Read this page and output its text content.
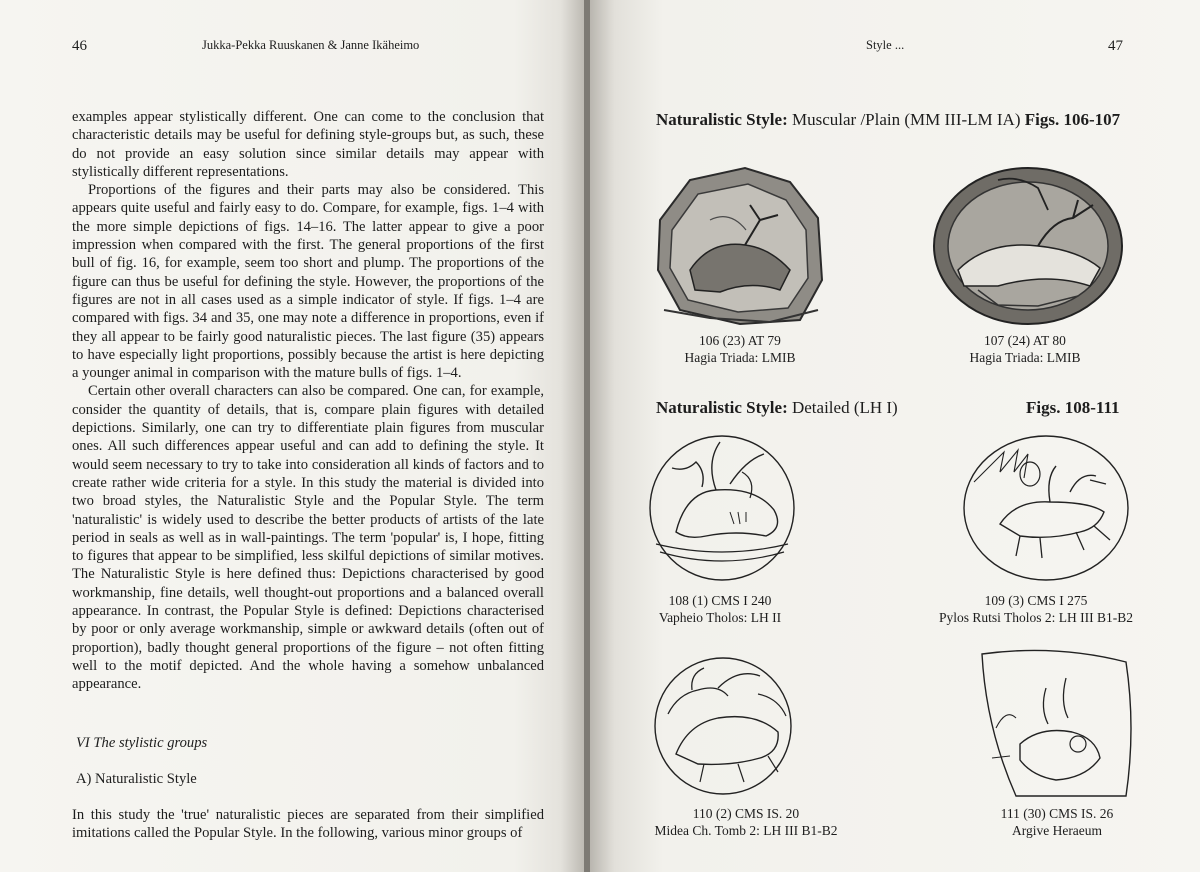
46	Jukka-Pekka Ruuskanen & Janne Ikäheimo

examples appear stylistically different. One can come to the conclusion that characteristic details may be useful for defining style-groups but, as such, these do not provide an easy solution since similar details may appear with stylistically different representations.

Proportions of the figures and their parts may also be considered. This appears quite useful and fairly easy to do. Compare, for example, figs. 1–4 with the more simple depictions of figs. 14–16. The latter appear to give a poor impression when compared with the first. The general proportions of the first bull of fig. 16, for example, seem too short and plump. The proportions of the figure can thus be useful for defining the style. However, the proportions of the figures are not in all cases used as a simple indicator of style. If figs. 1–4 are compared with figs. 34 and 35, one may note a difference in proportions, even if they all appear to be fairly good naturalistic pieces. The last figure (35) appears to have especially light proportions, possibly because the artist is here depicting a younger animal in comparison with the mature bulls of figs. 1–4.

Certain other overall characters can also be compared. One can, for example, consider the quantity of details, that is, compare plain figures with detailed depictions. Similarly, one can try to differentiate plain figures from muscular ones. All such differences appear useful and can add to defining the style. It would seem necessary to try to take into consideration all kinds of factors and to create rather wide criteria for a style. In this study the material is divided into two broad styles, the Naturalistic Style and the Popular Style. The term 'naturalistic' is widely used to describe the better products of artists of the late period in seals as well as in wall-paintings. The term 'popular' is, I hope, fitting to figures that appear to be simplified, less skilful depictions of similar motives. The Naturalistic Style is here defined thus: Depictions characterised by good workmanship, fine details, well thought-out proportions and a balanced overall appearance. In contrast, the Popular Style is defined: Depictions characterised by poor or only average workmanship, simple or awkward details (often out of proportion), badly thought general proportions of the figure – not often fitting well to the motif depicted. And the whole having a somehow unbalanced appearance.

VI The stylistic groups
A) Naturalistic Style

In this study the 'true' naturalistic pieces are separated from their simplified imitations called the Popular Style. In the following, various minor groups of

Style ...	47
Naturalistic Style: Muscular /Plain (MM III-LM IA) Figs. 106-107
106 (23) AT 79
Hagia Triada: LMIB
107 (24) AT 80
Hagia Triada: LMIB
Naturalistic Style: Detailed (LH I)	Figs. 108-111
108 (1) CMS I 240
Vapheio Tholos: LH II
109 (3) CMS I 275
Pylos Rutsi Tholos 2: LH III B1-B2
110 (2) CMS IS. 20
Midea Ch. Tomb 2: LH III B1-B2
111 (30) CMS IS. 26
Argive Heraeum
